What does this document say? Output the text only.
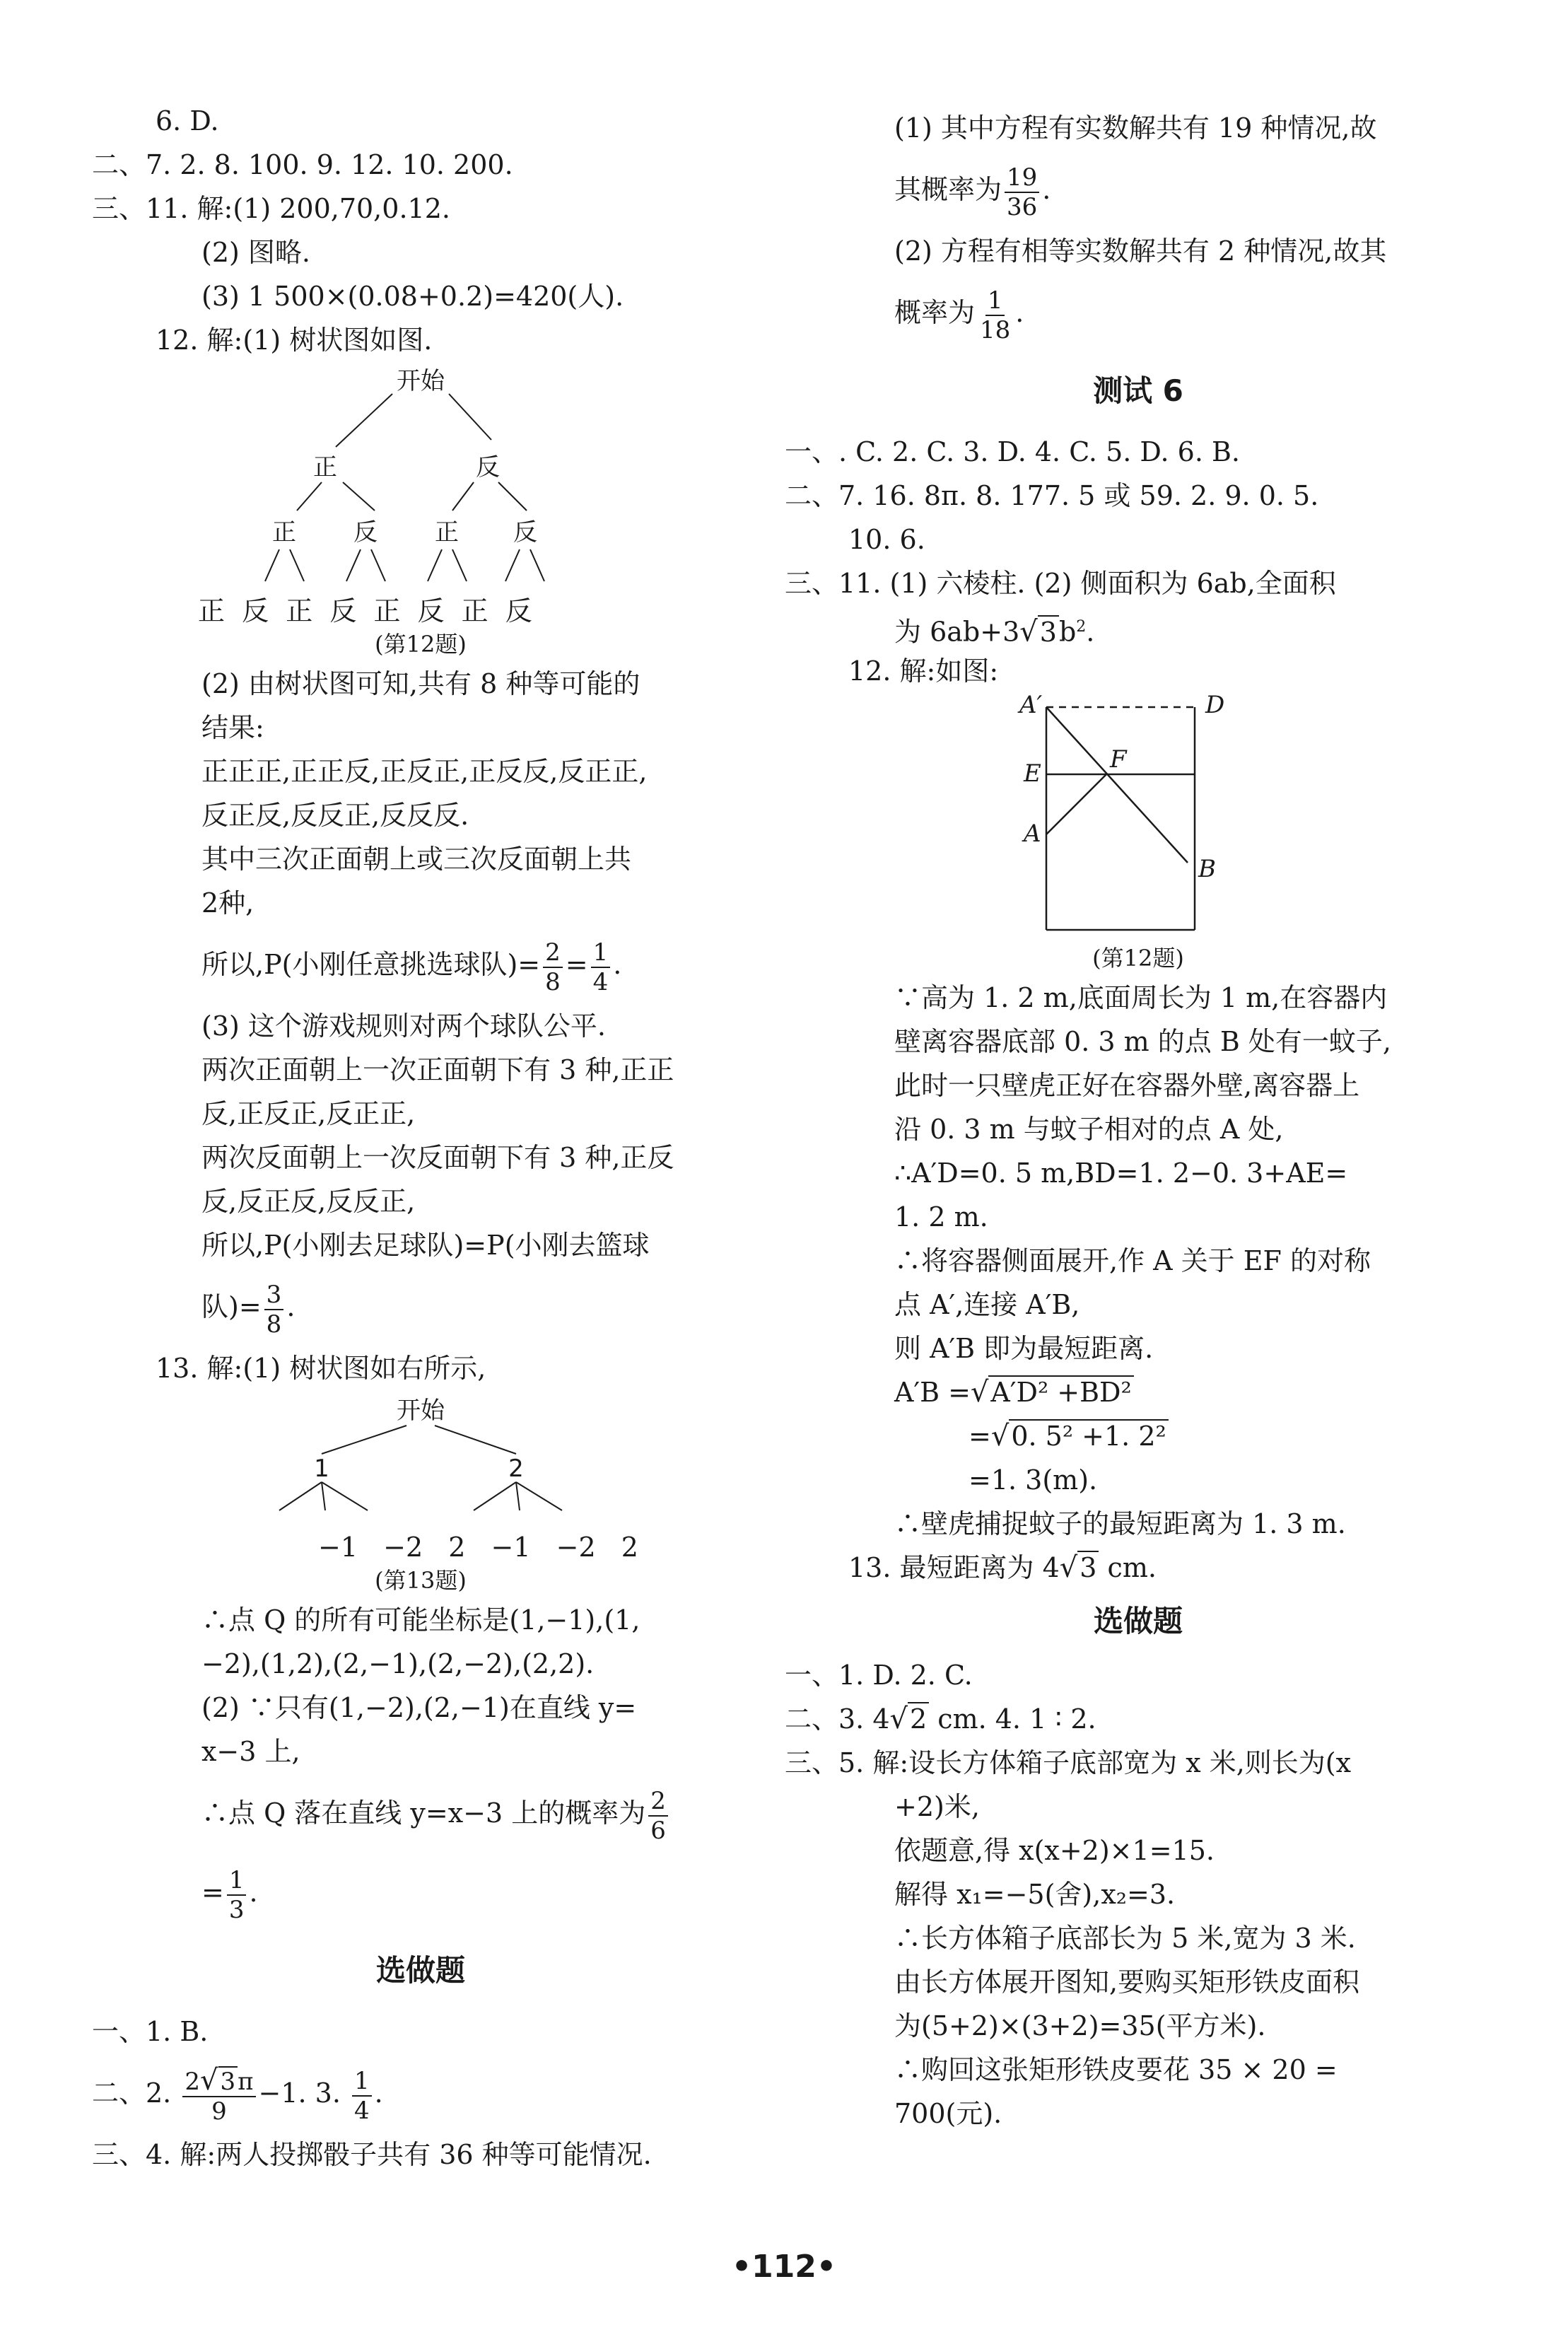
6. D.
二、7. 2. 8. 100. 9. 12. 10. 200.
三、11. 解:(1) 200,70,0.12.
(2) 图略.
(3) 1 500×(0.08+0.2)=420(人).
12. 解:(1) 树状图如图.
开始
正	反
正 反 正 反
正 反 正 反 正 反 正 反
(第12题)
(2) 由树状图可知,共有 8 种等可能的
结果:
正正正,正正反,正反正,正反反,反正正,
反正反,反反正,反反反.
其中三次正面朝上或三次反面朝上共
2种,
所以,P(小刚任意挑选球队)= $\frac{2}{8} = \frac{1}{4}$ .
(3) 这个游戏规则对两个球队公平.
两次正面朝上一次正面朝下有 3 种,正正
反,正反正,反正正,
两次反面朝上一次反面朝下有 3 种,正反
反,反正反,反反正,
所以,P(小刚去足球队)=P(小刚去篮球
队)= $\frac{3}{8}$ .
13. 解:(1) 树状图如右所示,
开始
1	2
−1 −2 2 −1 −2 2
(第13题)
∴点 Q 的所有可能坐标是(1,−1),(1,
−2),(1,2),(2,−1),(2,−2),(2,2).
(2) ∵只有(1,−2),(2,−1)在直线 y=
x−3 上,
∴点 Q 落在直线 y=x−3 上的概率为 $\frac{2}{6}$
= $\frac{1}{3}$ .
选做题
一、1. B.
二、2. $\frac{2√3\pi}{9} -1$. 3. $\frac{1}{4}$ .
三、4. 解:两人投掷骰子共有 36 种等可能情况.
(1) 其中方程有实数解共有 19 种情况,故
其概率为 $\frac{19}{36}$ .
(2) 方程有相等实数解共有 2 种情况,故其
概率为 $\frac{1}{18}$ .
测试 6
一、. C. 2. C. 3. D. 4. C. 5. D. 6. B.
二、7. 16. 8π. 8. 177. 5 或 59. 2. 9. 0. 5.
10. 6.
三、11. (1) 六棱柱. (2) 侧面积为 6ab,全面积
为 $6ab+3√3b^2$.
12. 解:如图:
A′	D
E	F
A
B
(第12题)
∵高为 1. 2 m,底面周长为 1 m,在容器内
壁离容器底部 0. 3 m 的点 B 处有一蚊子,
此时一只壁虎正好在容器外壁,离容器上
沿 0. 3 m 与蚊子相对的点 A 处,
∴A′D=0. 5 m,BD=1. 2−0. 3+AE=
1. 2 m.
∴将容器侧面展开,作 A 关于 EF 的对称
点 A′,连接 A′B,
则 A′B 即为最短距离.
A′B =√A′D² +BD²
=√0. 5² +1. 2²
=1. 3(m).
∴壁虎捕捉蚊子的最短距离为 1. 3 m.
13. 最短距离为 4√3 cm.
选做题
一、1. D. 2. C.
二、3. 4√2 cm. 4. 1 ∶ 2.
三、5. 解:设长方体箱子底部宽为 x 米,则长为(x
+2)米,
依题意,得 x(x+2)×1=15.
解得 x₁=−5(舍),x₂=3.
∴长方体箱子底部长为 5 米,宽为 3 米.
由长方体展开图知,要购买矩形铁皮面积
为(5+2)×(3+2)=35(平方米).
∴购回这张矩形铁皮要花 35 × 20 =
700(元).
•112•
